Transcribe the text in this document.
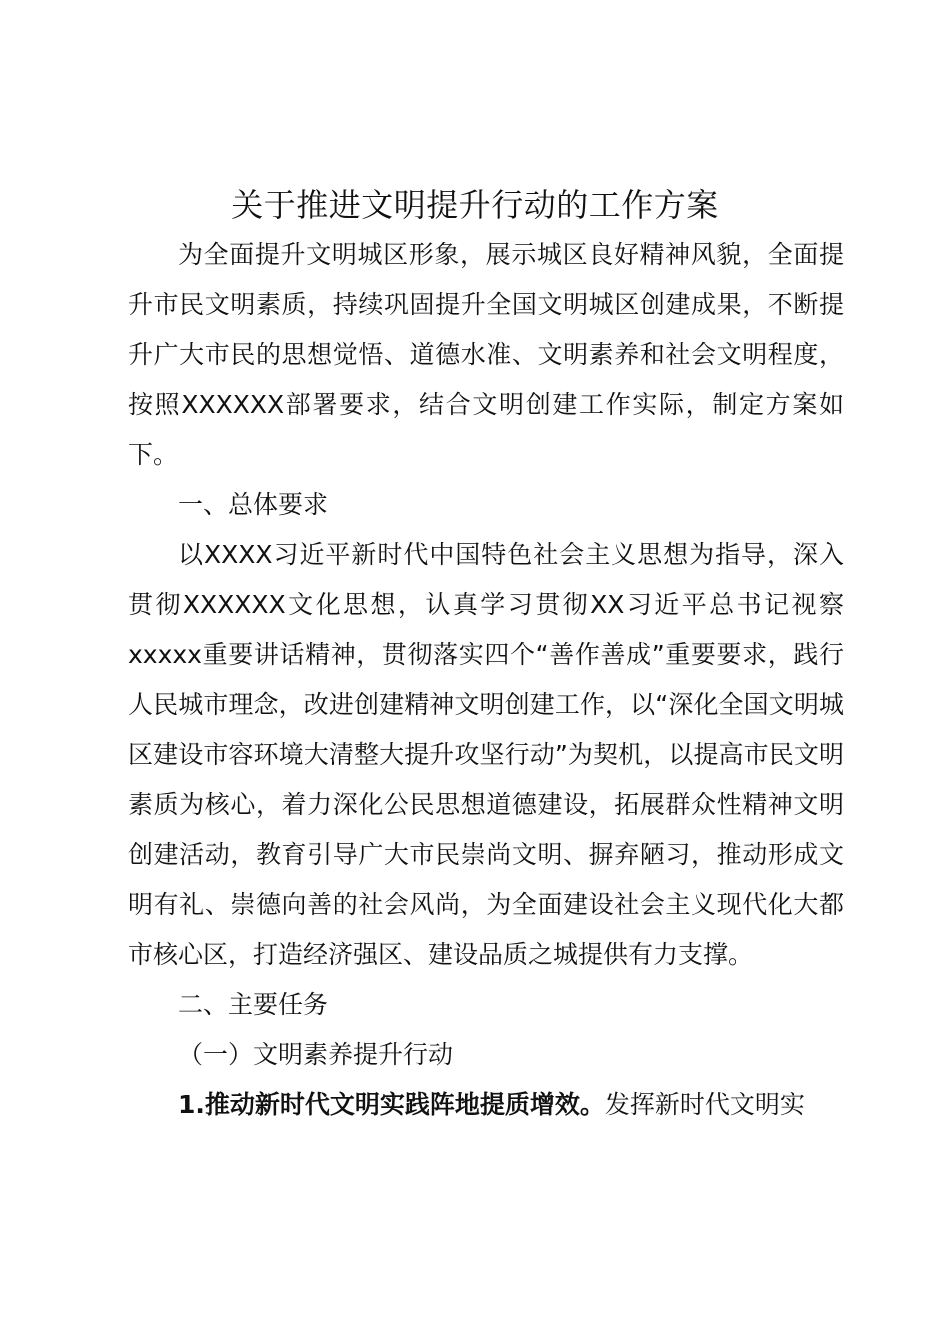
关于推进文明提升行动的工作方案

为全面提升文明城区形象，展示城区良好精神风貌，全面提升市民文明素质，持续巩固提升全国文明城区创建成果，不断提升广大市民的思想觉悟、道德水准、文明素养和社会文明程度，按照XXXXXX部署要求，结合文明创建工作实际，制定方案如下。

一、总体要求

以XXXX习近平新时代中国特色社会主义思想为指导，深入贯彻XXXXXX文化思想，认真学习贯彻XX习近平总书记视察xxxxx重要讲话精神，贯彻落实四个“善作善成”重要要求，践行人民城市理念，改进创建精神文明创建工作，以“深化全国文明城区建设市容环境大清整大提升攻坚行动”为契机，以提高市民文明素质为核心，着力深化公民思想道德建设，拓展群众性精神文明创建活动，教育引导广大市民崇尚文明、摒弃陋习，推动形成文明有礼、崇德向善的社会风尚，为全面建设社会主义现代化大都市核心区，打造经济强区、建设品质之城提供有力支撑。

二、主要任务

（一）文明素养提升行动

1.推动新时代文明实践阵地提质增效。发挥新时代文明实
